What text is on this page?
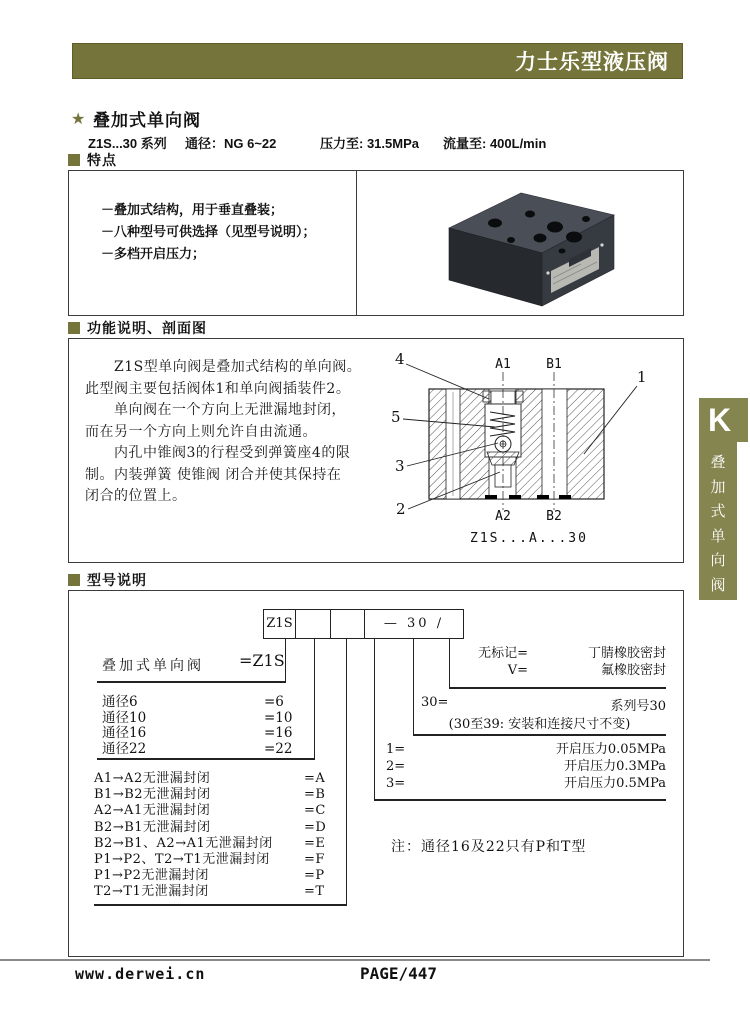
力士乐型液压阀
★ 叠加式单向阀
Z1S...30 系列 通径：NG 6~22	压力至: 31.5MPa 流量至: 400L/min
特点
－叠加式结构，用于垂直叠装；
－八种型号可供选择（见型号说明）；
－多档开启压力；
功能说明、剖面图
　　Z1S型单向阀是叠加式结构的单向阀。
此型阀主要包括阀体1和单向阀插装件2。
　　单向阀在一个方向上无泄漏地封闭，
而在另一个方向上则允许自由流通。
　　内孔中锥阀3的行程受到弹簧座4的限
制。内装弹簧 使锥阀 闭合并使其保持在
闭合的位置上。
4
5
3
2
1
A1	B1
A2	B2
Z1S...A...30
型号说明
Z1S	— 30 /
叠加式单向阀 =Z1S
通径6	=6
通径10	=10
通径16	=16
通径22	=22
A1→A2无泄漏封闭	=A
B1→B2无泄漏封闭	=B
A2→A1无泄漏封闭	=C
B2→B1无泄漏封闭	=D
B2→B1、A2→A1无泄漏封闭 =E
P1→P2、T2→T1无泄漏封闭	=F
P1→P2无泄漏封闭	=P
T2→T1无泄漏封闭	=T
无标记=	丁腈橡胶密封
V=	氟橡胶密封
30=	系列号30
(30至39: 安装和连接尺寸不变)
1=	开启压力0.05MPa
2=	开启压力0.3MPa
3=	开启压力0.5MPa
注：通径16及22只有P和T型
K
叠
加
式
单
向
阀
www.derwei.cn	PAGE/447
